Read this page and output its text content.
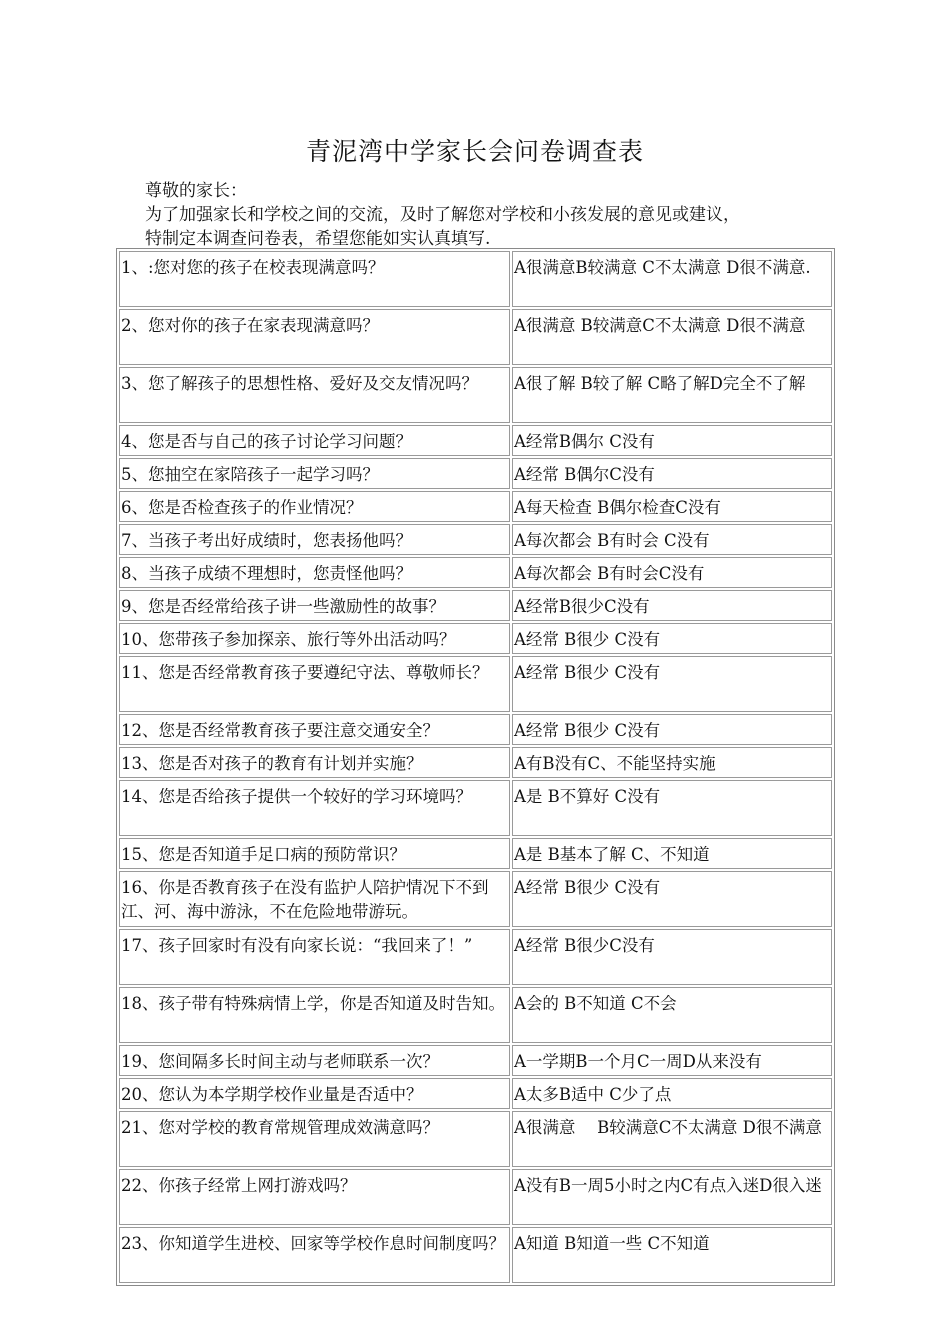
青泥湾中学家长会问卷调查表
尊敬的家长：
为了加强家长和学校之间的交流，及时了解您对学校和小孩发展的意见或建议，
特制定本调查问卷表，希望您能如实认真填写.
1、:您对您的孩子在校表现满意吗？	A很满意B较满意 C不太满意 D很不满意.
2、您对你的孩子在家表现满意吗？	A很满意 B较满意C不太满意 D很不满意
3、您了解孩子的思想性格、爱好及交友情况吗？	A很了解 B较了解 C略了解D完全不了解
4、您是否与自己的孩子讨论学习问题？	A经常B偶尔 C没有
5、您抽空在家陪孩子一起学习吗？	A经常 B偶尔C没有
6、您是否检查孩子的作业情况？	A每天检查 B偶尔检查C没有
7、当孩子考出好成绩时，您表扬他吗？	A每次都会 B有时会 C没有
8、当孩子成绩不理想时，您责怪他吗？	A每次都会 B有时会C没有
9、您是否经常给孩子讲一些激励性的故事？	A经常B很少C没有
10、您带孩子参加探亲、旅行等外出活动吗？	A经常 B很少 C没有
11、您是否经常教育孩子要遵纪守法、尊敬师长？	A经常 B很少 C没有
12、您是否经常教育孩子要注意交通安全？	A经常 B很少 C没有
13、您是否对孩子的教育有计划并实施？	A有B没有C、不能坚持实施
14、您是否给孩子提供一个较好的学习环境吗？	A是 B不算好 C没有
15、您是否知道手足口病的预防常识？	A是 B基本了解 C、不知道
16、你是否教育孩子在没有监护人陪护情况下不到江、河、海中游泳，不在危险地带游玩。	A经常 B很少 C没有
17、孩子回家时有没有向家长说：“我回来了！”	A经常 B很少C没有
18、孩子带有特殊病情上学，你是否知道及时告知。	A会的 B不知道 C不会
19、您间隔多长时间主动与老师联系一次？	A一学期B一个月C一周D从来没有
20、您认为本学期学校作业量是否适中？	A太多B适中 C少了点
21、您对学校的教育常规管理成效满意吗？	A很满意　 B较满意C不太满意 D很不满意
22、你孩子经常上网打游戏吗？	A没有B一周5小时之内C有点入迷D很入迷
23、你知道学生进校、回家等学校作息时间制度吗？	A知道 B知道一些 C不知道
